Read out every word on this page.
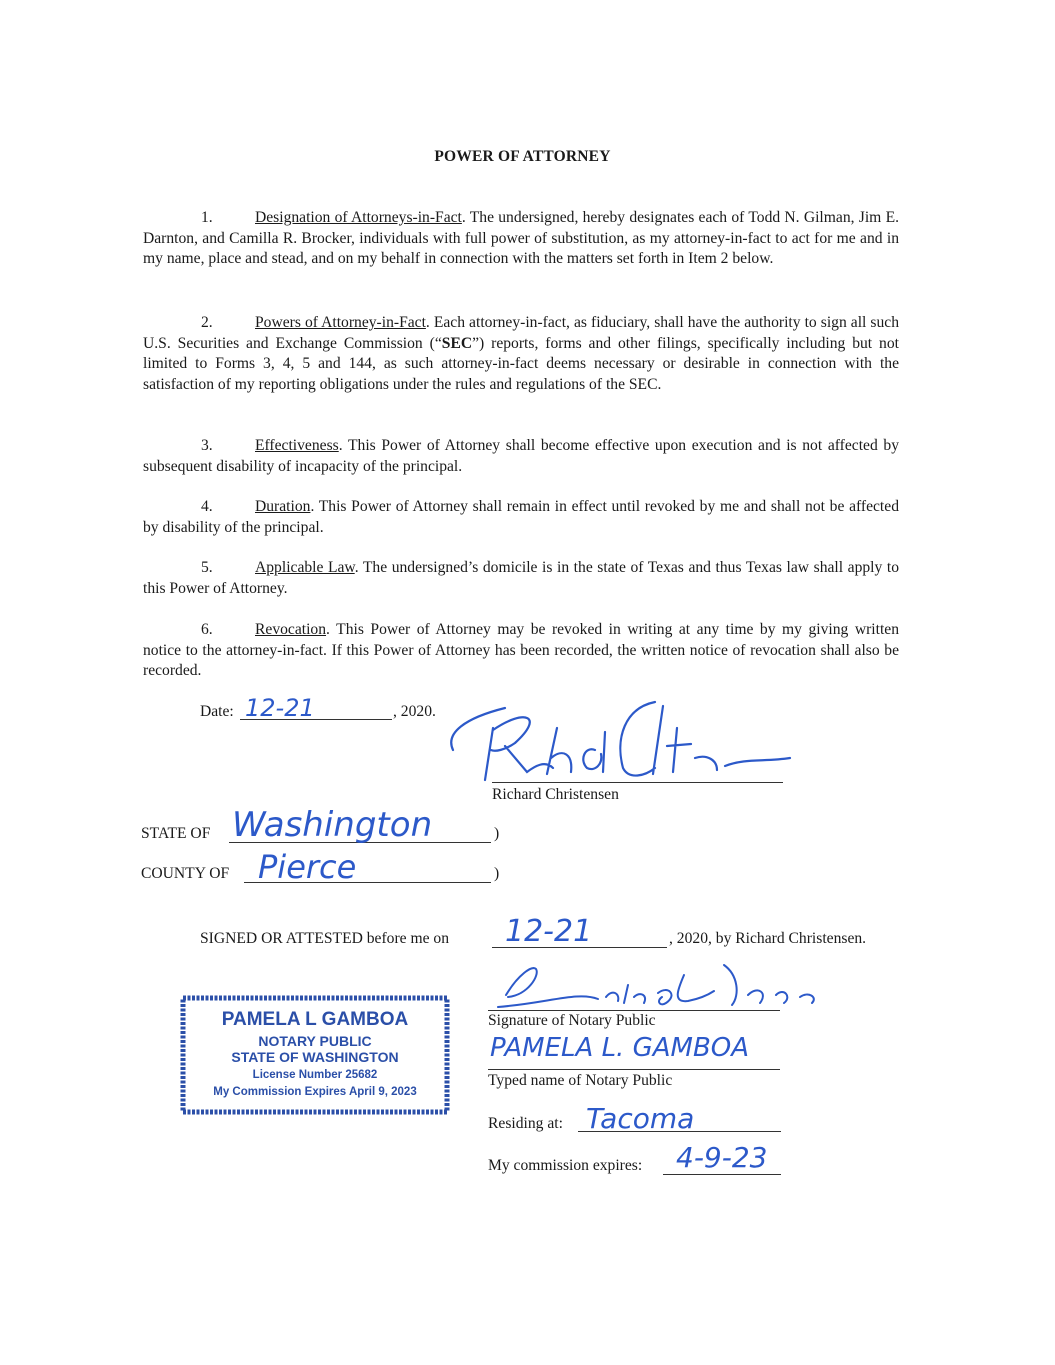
POWER OF ATTORNEY
1.	Designation of Attorneys-in-Fact. The undersigned, hereby designates each of Todd N. Gilman, Jim E. Darnton, and Camilla R. Brocker, individuals with full power of substitution, as my attorney-in-fact to act for me and in my name, place and stead, and on my behalf in connection with the matters set forth in Item 2 below.
2.	Powers of Attorney-in-Fact. Each attorney-in-fact, as fiduciary, shall have the authority to sign all such U.S. Securities and Exchange Commission (“SEC”) reports, forms and other filings, specifically including but not limited to Forms 3, 4, 5 and 144, as such attorney-in-fact deems necessary or desirable in connection with the satisfaction of my reporting obligations under the rules and regulations of the SEC.
3.	Effectiveness. This Power of Attorney shall become effective upon execution and is not affected by subsequent disability of incapacity of the principal.
4.	Duration. This Power of Attorney shall remain in effect until revoked by me and shall not be affected by disability of the principal.
5.	Applicable Law. The undersigned’s domicile is in the state of Texas and thus Texas law shall apply to this Power of Attorney.
6.	Revocation. This Power of Attorney may be revoked in writing at any time by my giving written notice to the attorney-in-fact. If this Power of Attorney has been recorded, the written notice of revocation shall also be recorded.
Date: 12-21	, 2020.
Richard Christensen
STATE OF Washington	)
COUNTY OF Pierce	)
SIGNED OR ATTESTED before me on 12-21	, 2020, by Richard Christensen.
PAMELA L GAMBOA
NOTARY PUBLIC
STATE OF WASHINGTON
License Number 25682
My Commission Expires April 9, 2023
Signature of Notary Public
PAMELA L. GAMBOA
Typed name of Notary Public
Residing at: Tacoma
My commission expires: 4-9-23
